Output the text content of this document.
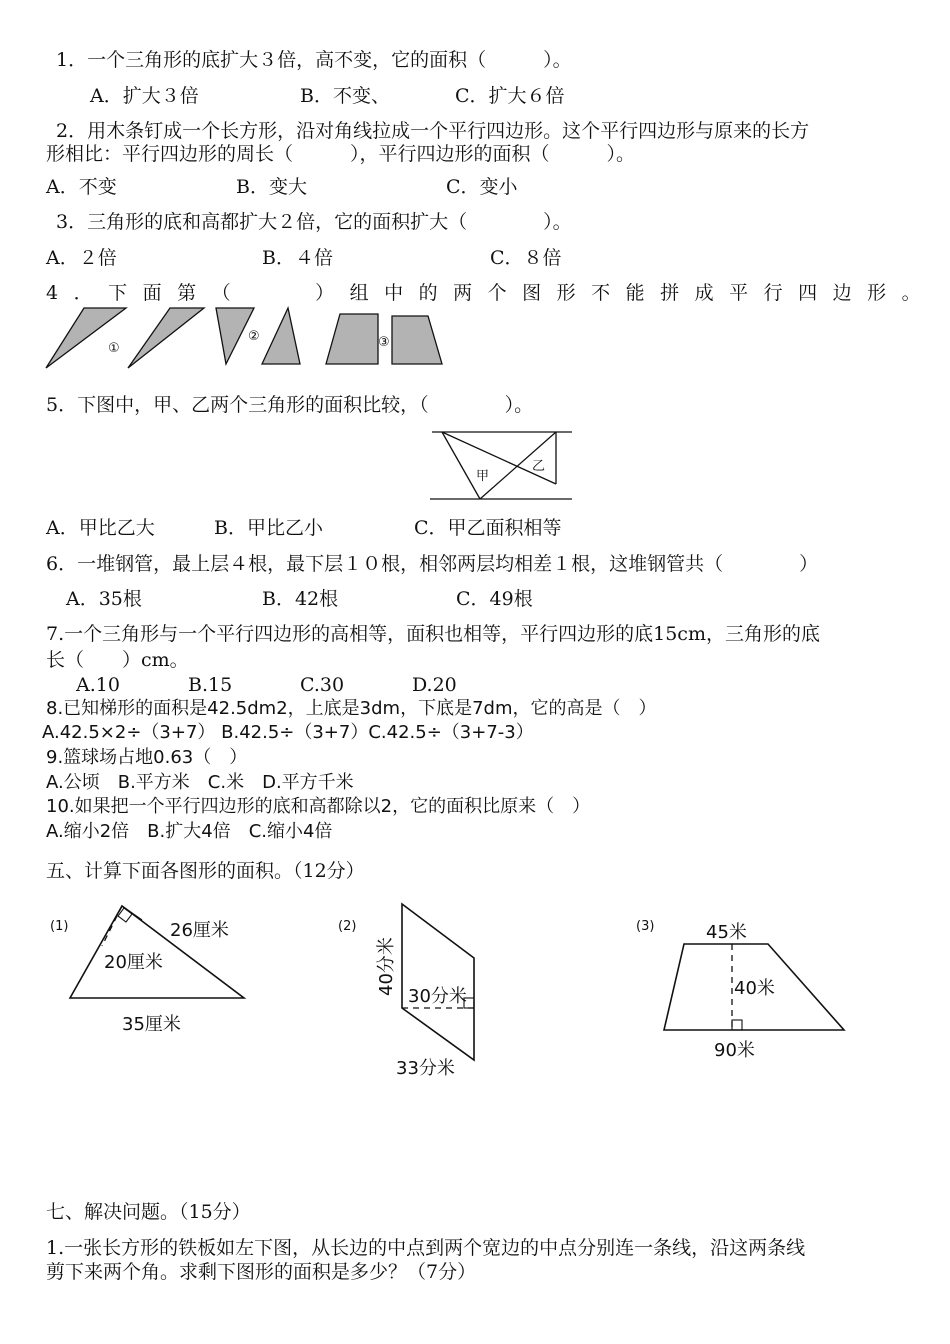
1．一个三角形的底扩大３倍，高不变，它的面积（　　　）。
A．扩大３倍	B．不变、	C．扩大６倍
2．用木条钉成一个长方形，沿对角线拉成一个平行四边形。这个平行四边形与原来的长方
形相比：平行四边形的周长（　　　），平行四边形的面积（　　　）。
A．不变	B．变大	C．变小
3．三角形的底和高都扩大２倍，它的面积扩大（　　　　）。
A．２倍	B．４倍	C．８倍
4．下面第（　　）组中的两个图形不能拼成平行四边形。
①
②	③
5．下图中，甲、乙两个三角形的面积比较，（　　　　）。
甲
乙
A．甲比乙大	B．甲比乙小	C．甲乙面积相等
6．一堆钢管，最上层４根，最下层１０根，相邻两层均相差１根，这堆钢管共（　　　　）
A．35根	B．42根	C．49根
7.一个三角形与一个平行四边形的高相等，面积也相等，平行四边形的底15cm，三角形的底
长（　　）cm。
A.10	B.15	C.30	D.20
8.已知梯形的面积是42.5dm2，上底是3dm，下底是7dm，它的高是（　）
A.42.5×2÷（3+7） B.42.5÷（3+7）C.42.5÷（3+7-3）
9.篮球场占地0.63（　）
A.公顷　B.平方米　C.米　D.平方千米
10.如果把一个平行四边形的底和高都除以2，它的面积比原来（　）
A.缩小2倍　B.扩大4倍　C.缩小4倍
五、计算下面各图形的面积。（12分）
(1)	26厘米
20厘米
35厘米
(2)
40分米
30分米
33分米
(3)	45米
40米
90米
七、解决问题。（15分）
1.一张长方形的铁板如左下图，从长边的中点到两个宽边的中点分别连一条线，沿这两条线
剪下来两个角。求剩下图形的面积是多少？（7分）
